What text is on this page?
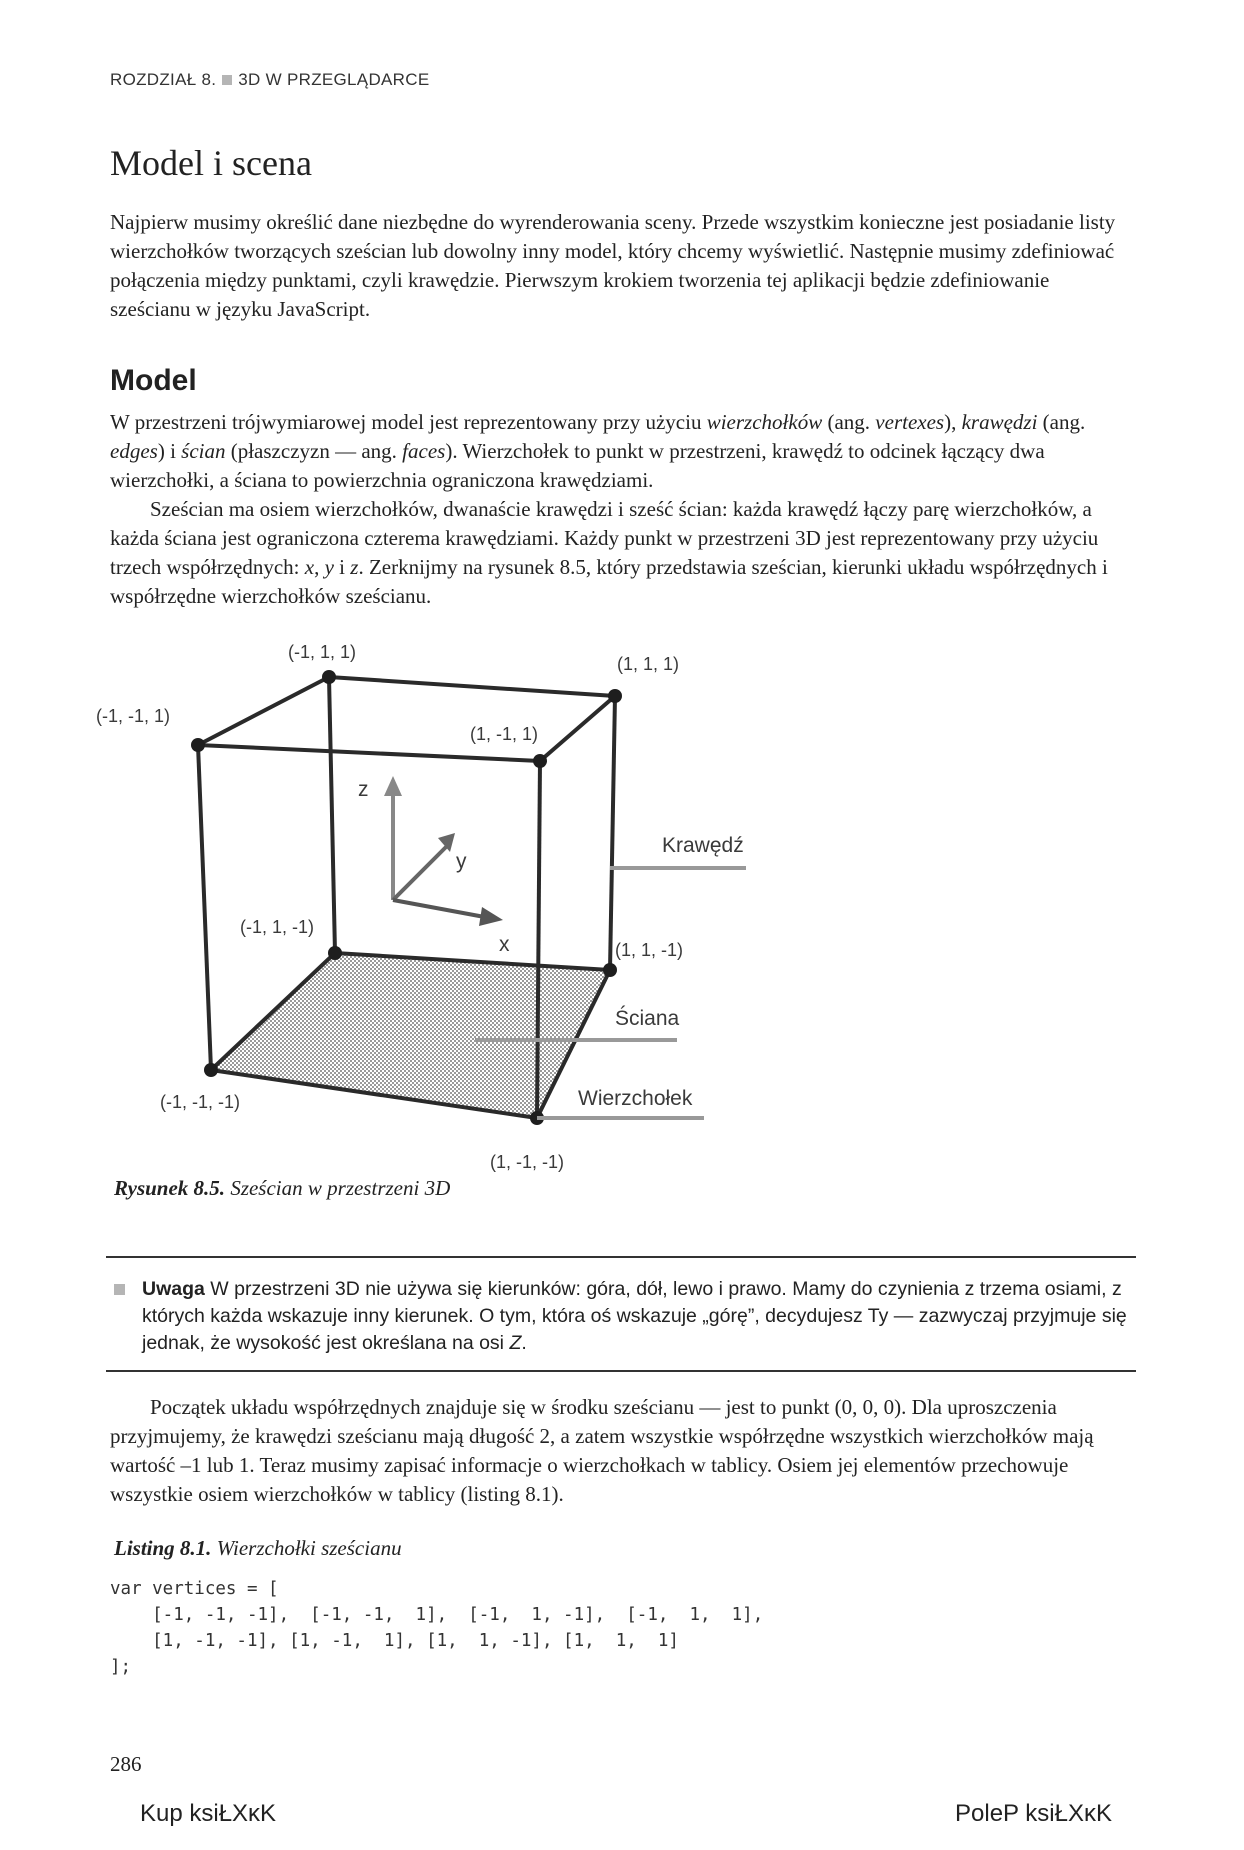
ROZDZIAŁ 8. 3D W PRZEGLĄDARCE
Model i scena

Najpierw musimy określić dane niezbędne do wyrenderowania sceny. Przede wszystkim konieczne jest posiadanie listy wierzchołków tworzących sześcian lub dowolny inny model, który chcemy wyświetlić. Następnie musimy zdefiniować połączenia między punktami, czyli krawędzie. Pierwszym krokiem tworzenia tej aplikacji będzie zdefiniowanie sześcianu w języku JavaScript.

Model

W przestrzeni trójwymiarowej model jest reprezentowany przy użyciu wierzchołków (ang. vertexes), krawędzi (ang. edges) i ścian (płaszczyzn — ang. faces). Wierzchołek to punkt w przestrzeni, krawędź to odcinek łączący dwa wierzchołki, a ściana to powierzchnia ograniczona krawędziami.

Sześcian ma osiem wierzchołków, dwanaście krawędzi i sześć ścian: każda krawędź łączy parę wierzchołków, a każda ściana jest ograniczona czterema krawędziami. Każdy punkt w przestrzeni 3D jest reprezentowany przy użyciu trzech współrzędnych: x, y i z. Zerknijmy na rysunek 8.5, który przedstawia sześcian, kierunki układu współrzędnych i współrzędne wierzchołków sześcianu.

(-1, 1, 1)
(1, 1, 1)
(-1, -1, 1)
(1, -1, 1)
(-1, 1, -1)
(1, 1, -1)
(-1, -1, -1)
(1, -1, -1)
z
y
x
Krawędź
Ściana
Wierzchołek
Rysunek 8.5. Sześcian w przestrzeni 3D
Uwaga W przestrzeni 3D nie używa się kierunków: góra, dół, lewo i prawo. Mamy do czynienia z trzema osiami, z których każda wskazuje inny kierunek. O tym, która oś wskazuje „górę”, decydujesz Ty — zazwyczaj przyjmuje się jednak, że wysokość jest określana na osi Z.

Początek układu współrzędnych znajduje się w środku sześcianu — jest to punkt (0, 0, 0). Dla uproszczenia przyjmujemy, że krawędzi sześcianu mają długość 2, a zatem wszystkie współrzędne wszystkich wierzchołków mają wartość –1 lub 1. Teraz musimy zapisać informacje o wierzchołkach w tablicy. Osiem jej elementów przechowuje wszystkie osiem wierzchołków w tablicy (listing 8.1).

Listing 8.1. Wierzchołki sześcianu
var vertices = [
[-1, -1, -1],  [-1, -1,  1],  [-1,  1, -1],  [-1,  1,  1],
[1, -1, -1], [1, -1,  1], [1,  1, -1], [1,  1,  1]
];
286
Kup ksiŁХĸK	PoleP ksiŁХĸK
